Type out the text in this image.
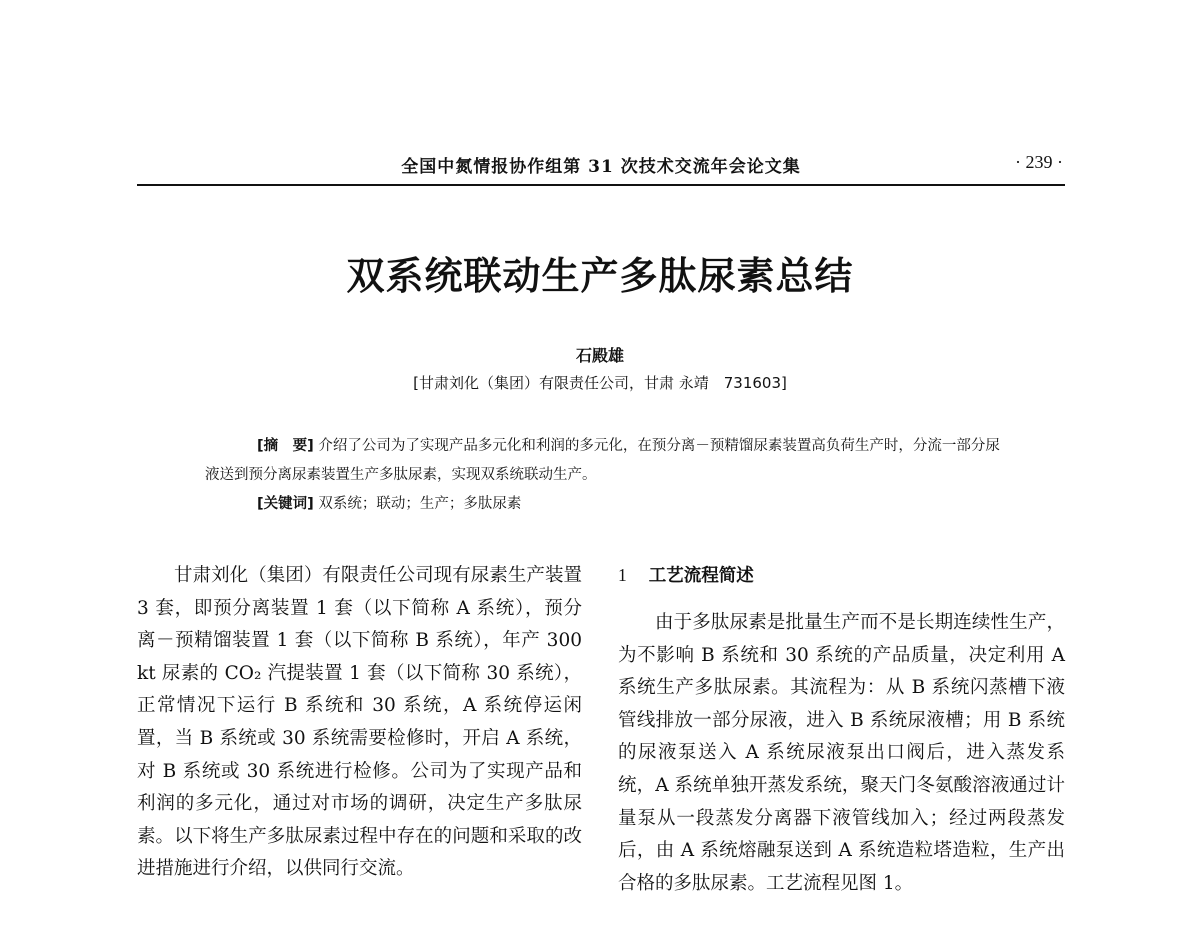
全国中氮情报协作组第 31 次技术交流年会论文集	· 239 ·
双系统联动生产多肽尿素总结
石殿雄
[甘肃刘化（集团）有限责任公司，甘肃 永靖　731603]

[摘　要] 介绍了公司为了实现产品多元化和利润的多元化，在预分离－预精馏尿素装置高负荷生产时，分流一部分尿液送到预分离尿素装置生产多肽尿素，实现双系统联动生产。

[关键词] 双系统；联动；生产；多肽尿素

甘肃刘化（集团）有限责任公司现有尿素生产装置 3 套，即预分离装置 1 套（以下简称 A 系统），预分离－预精馏装置 1 套（以下简称 B 系统），年产 300 kt 尿素的 CO₂ 汽提装置 1 套（以下简称 30 系统），正常情况下运行 B 系统和 30 系统，A 系统停运闲置，当 B 系统或 30 系统需要检修时，开启 A 系统，对 B 系统或 30 系统进行检修。公司为了实现产品和利润的多元化，通过对市场的调研，决定生产多肽尿素。以下将生产多肽尿素过程中存在的问题和采取的改进措施进行介绍，以供同行交流。

1 工艺流程简述

由于多肽尿素是批量生产而不是长期连续性生产，为不影响 B 系统和 30 系统的产品质量，决定利用 A 系统生产多肽尿素。其流程为：从 B 系统闪蒸槽下液管线排放一部分尿液，进入 B 系统尿液槽；用 B 系统的尿液泵送入 A 系统尿液泵出口阀后，进入蒸发系统，A 系统单独开蒸发系统，聚天门冬氨酸溶液通过计量泵从一段蒸发分离器下液管线加入；经过两段蒸发后，由 A 系统熔融泵送到 A 系统造粒塔造粒，生产出合格的多肽尿素。工艺流程见图 1。
